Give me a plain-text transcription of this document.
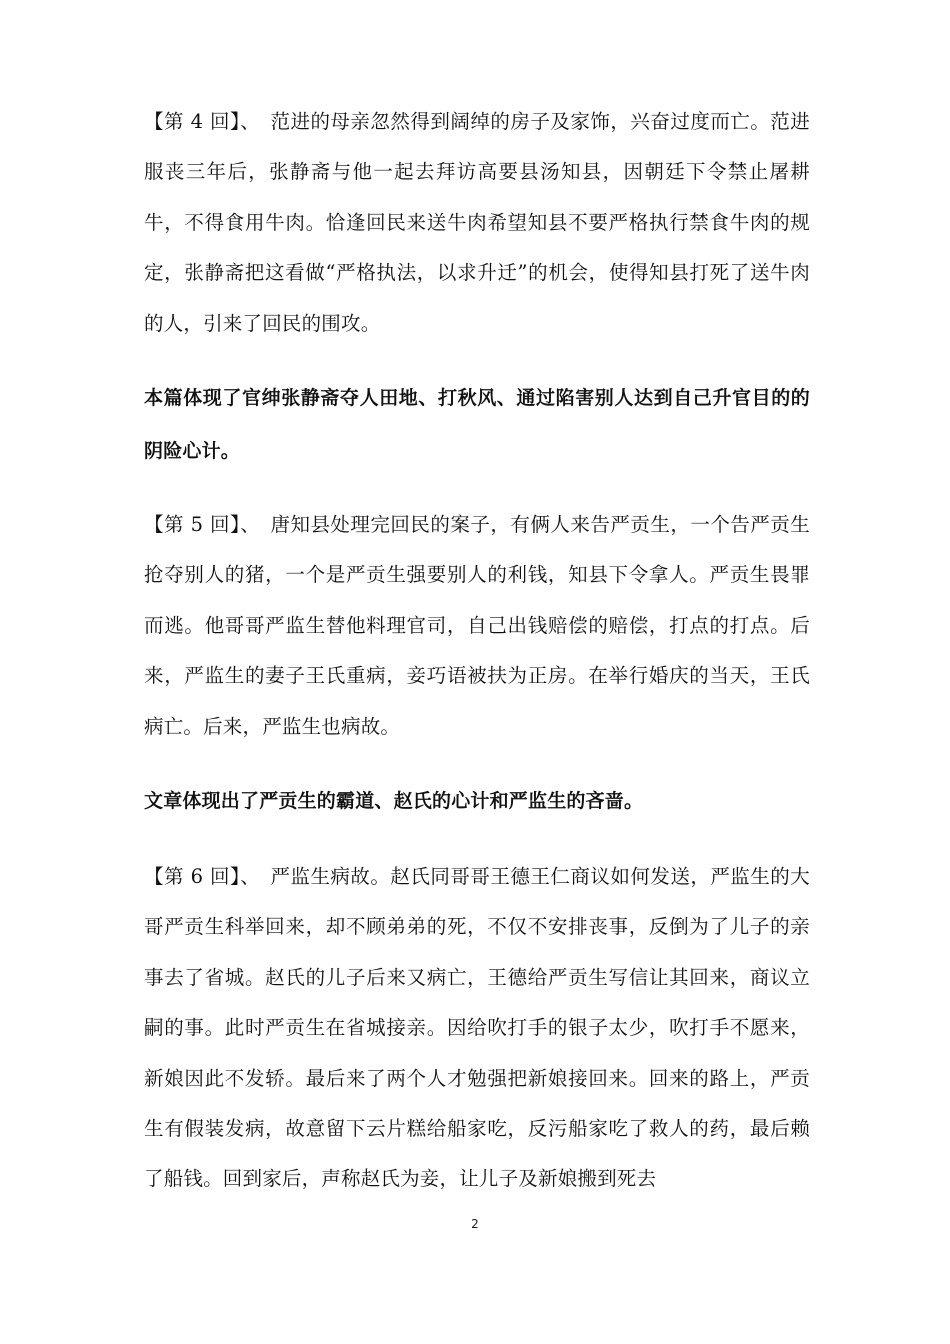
【第 4 回】、　范进的母亲忽然得到阔绰的房子及家饰，兴奋过度而亡。范进服丧三年后，张静斋与他一起去拜访高要县汤知县，因朝廷下令禁止屠耕牛，不得食用牛肉。恰逢回民来送牛肉希望知县不要严格执行禁食牛肉的规定，张静斋把这看做“严格执法，以求升迁”的机会，使得知县打死了送牛肉的人，引来了回民的围攻。

本篇体现了官绅张静斋夺人田地、打秋风、通过陷害别人达到自己升官目的的阴险心计。

【第 5 回】、　唐知县处理完回民的案子，有俩人来告严贡生，一个告严贡生抢夺别人的猪，一个是严贡生强要别人的利钱，知县下令拿人。严贡生畏罪而逃。他哥哥严监生替他料理官司，自己出钱赔偿的赔偿，打点的打点。后来，严监生的妻子王氏重病，妾巧语被扶为正房。在举行婚庆的当天，王氏病亡。后来，严监生也病故。

文章体现出了严贡生的霸道、赵氏的心计和严监生的吝啬。

【第 6 回】、　严监生病故。赵氏同哥哥王德王仁商议如何发送，严监生的大哥严贡生科举回来，却不顾弟弟的死，不仅不安排丧事，反倒为了儿子的亲事去了省城。赵氏的儿子后来又病亡，王德给严贡生写信让其回来，商议立嗣的事。此时严贡生在省城接亲。因给吹打手的银子太少，吹打手不愿来，新娘因此不发轿。最后来了两个人才勉强把新娘接回来。回来的路上，严贡生有假装发病，故意留下云片糕给船家吃，反污船家吃了救人的药，最后赖了船钱。回到家后，声称赵氏为妾，让儿子及新娘搬到死去

2
